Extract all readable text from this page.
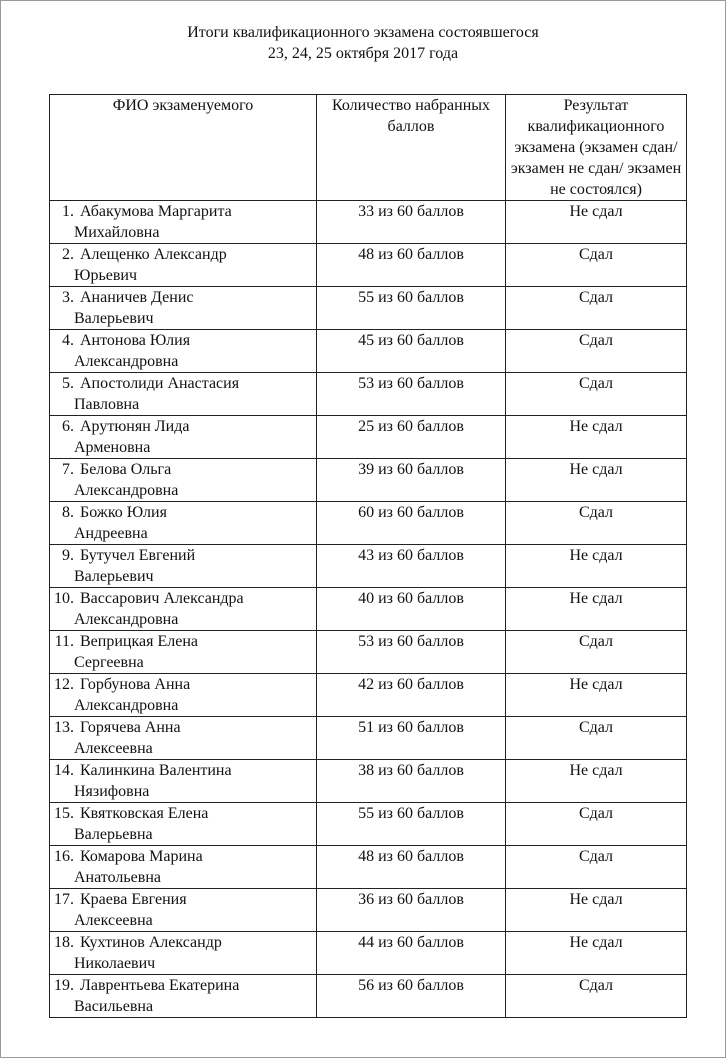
Итоги квалификационного экзамена состоявшегося
23, 24, 25 октября 2017 года
ФИО экзаменуемого	Количество набранных баллов	Результат квалификационного экзамена (экзамен сдан/экзамен не сдан/ экзамен не состоялся)

1. Абакумова Маргарита
Михайловна	33 из 60 баллов	Не сдал

2. Алещенко Александр
Юрьевич	48 из 60 баллов	Сдал

3. Ананичев Денис
Валерьевич	55 из 60 баллов	Сдал

4. Антонова Юлия
Александровна	45 из 60 баллов	Сдал

5. Апостолиди Анастасия
Павловна	53 из 60 баллов	Сдал

6. Арутюнян Лида
Арменовна	25 из 60 баллов	Не сдал

7. Белова Ольга
Александровна	39 из 60 баллов	Не сдал

8. Божко Юлия
Андреевна	60 из 60 баллов	Сдал

9. Бутучел Евгений
Валерьевич	43 из 60 баллов	Не сдал

10. Вассарович Александра
Александровна	40 из 60 баллов	Не сдал

11. Веприцкая Елена
Сергеевна	53 из 60 баллов	Сдал

12. Горбунова Анна
Александровна	42 из 60 баллов	Не сдал

13. Горячева Анна
Алексеевна	51 из 60 баллов	Сдал

14. Калинкина Валентина
Нязифовна	38 из 60 баллов	Не сдал

15. Квятковская Елена
Валерьевна	55 из 60 баллов	Сдал

16. Комарова Марина
Анатольевна	48 из 60 баллов	Сдал

17. Краева Евгения
Алексеевна	36 из 60 баллов	Не сдал

18. Кухтинов Александр
Николаевич	44 из 60 баллов	Не сдал

19. Лаврентьева Екатерина
Васильевна	56 из 60 баллов	Сдал
